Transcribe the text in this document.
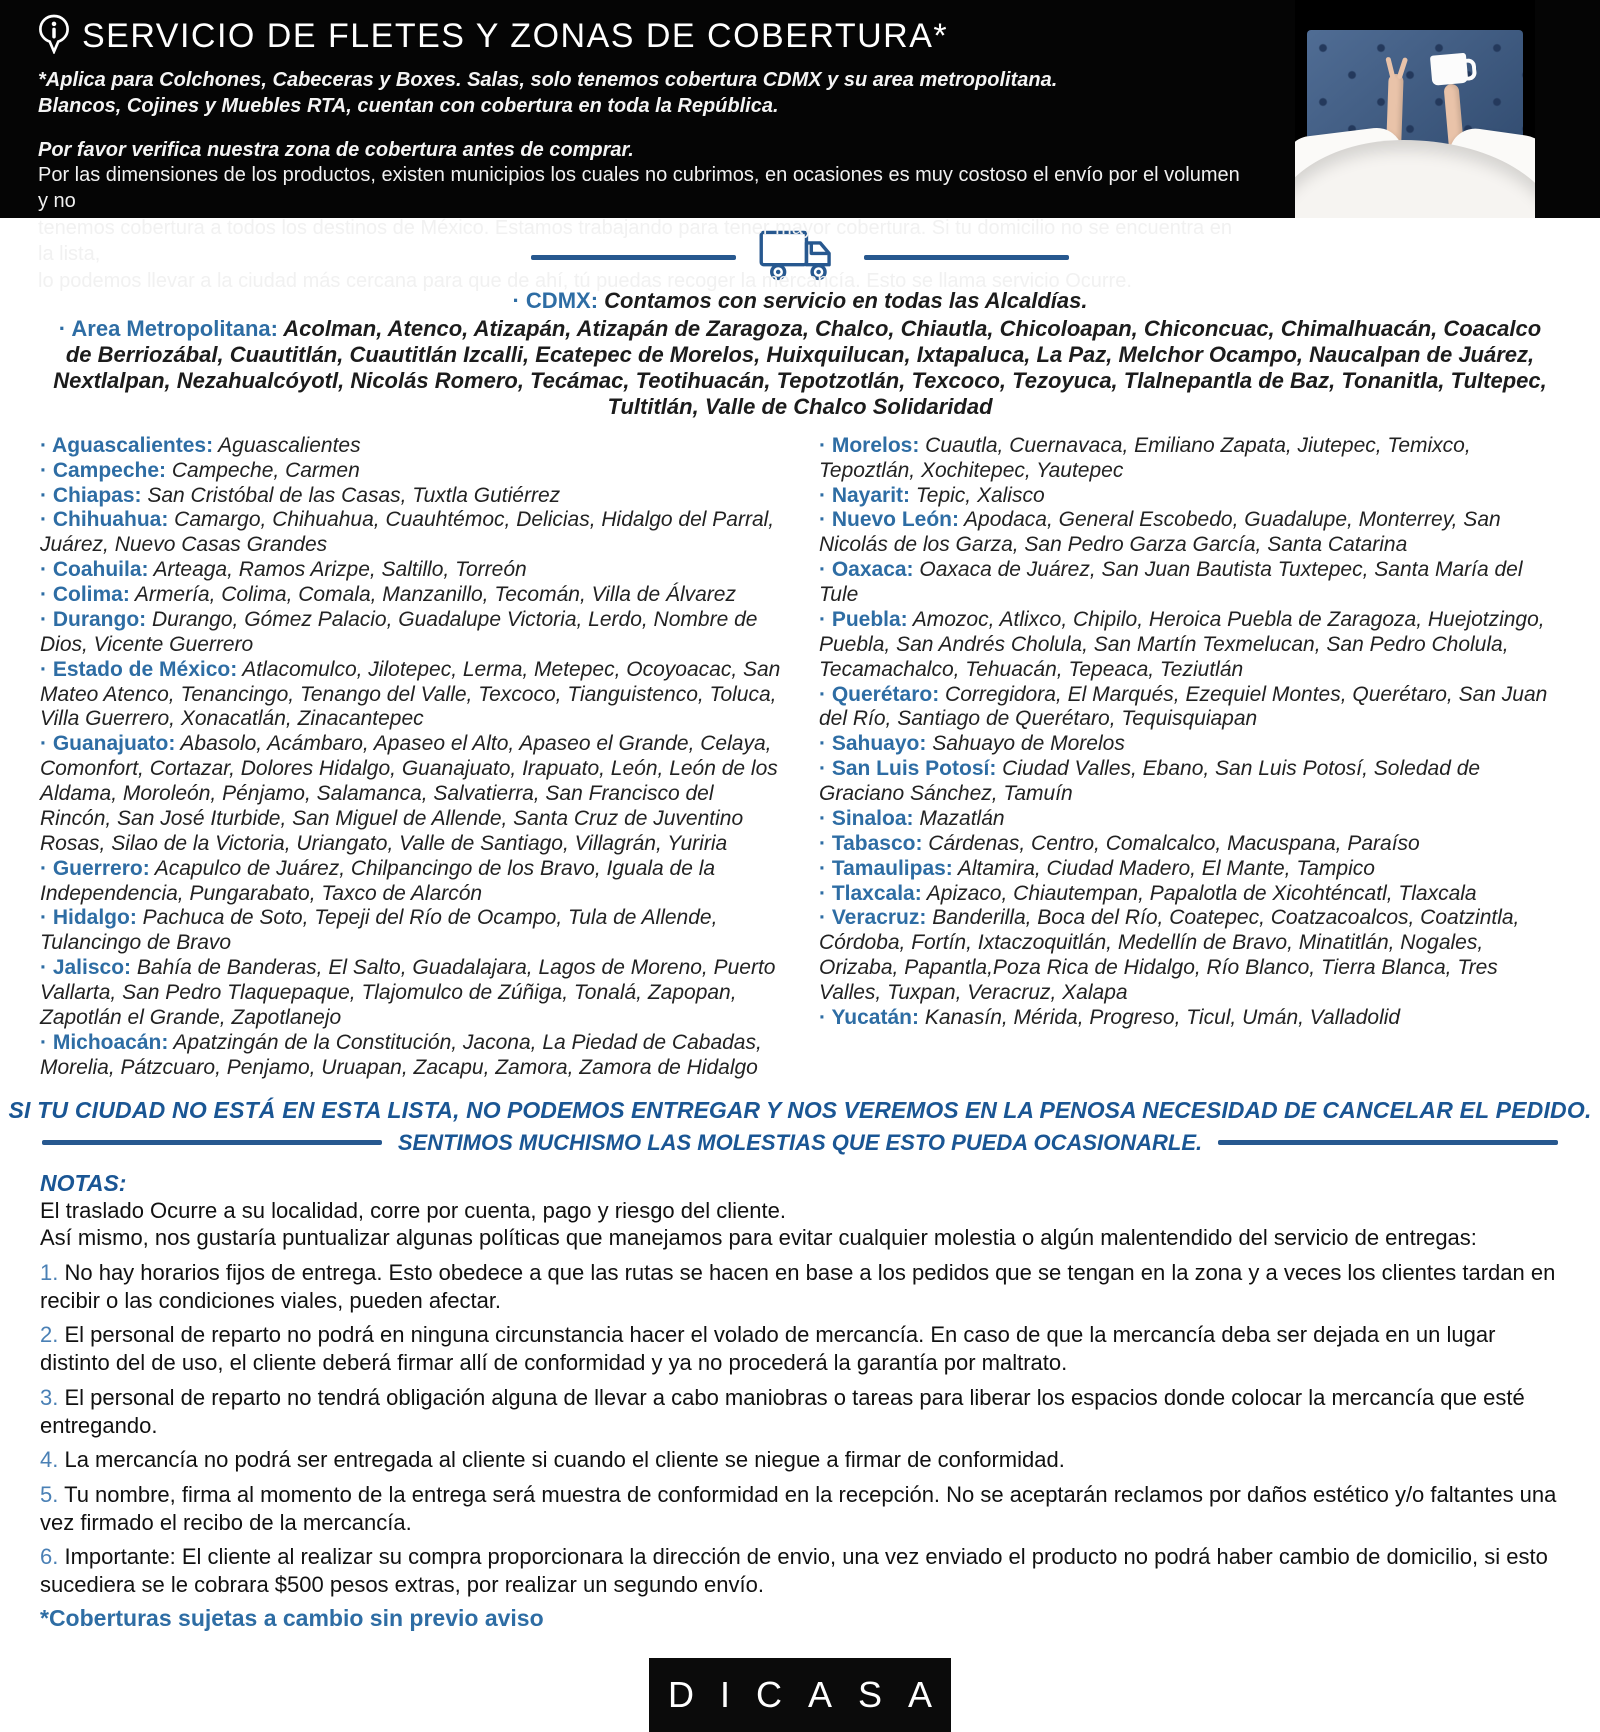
SERVICIO DE FLETES Y ZONAS DE COBERTURA*
*Aplica para Colchones, Cabeceras y Boxes. Salas, solo tenemos cobertura CDMX y su area metropolitana.
Blancos, Cojines y Muebles RTA, cuentan con cobertura en toda la República.
Por favor verifica nuestra zona de cobertura antes de comprar.
Por las dimensiones de los productos, existen municipios los cuales no cubrimos, en ocasiones es muy costoso el envío por el volumen y no
tenemos cobertura a todos los destinos de México. Estamos trabajando para tener mayor cobertura. Si tu domicilio no se encuentra en la lista,
lo podemos llevar a la ciudad más cercana para que de ahí, tú puedas recoger la mercancía. Esto se llama servicio Ocurre.
· CDMX: Contamos con servicio en todas las Alcaldías.
· Area Metropolitana: Acolman, Atenco, Atizapán, Atizapán de Zaragoza, Chalco, Chiautla, Chicoloapan, Chiconcuac, Chimalhuacán, Coacalco de Berriozábal, Cuautitlán, Cuautitlán Izcalli, Ecatepec de Morelos, Huixquilucan, Ixtapaluca, La Paz, Melchor Ocampo, Naucalpan de Juárez, Nextlalpan, Nezahualcóyotl, Nicolás Romero, Tecámac, Teotihuacán, Tepotzotlán, Texcoco, Tezoyuca, Tlalnepantla de Baz, Tonanitla, Tultepec, Tultitlán, Valle de Chalco Solidaridad

· Aguascalientes: Aguascalientes

· Campeche: Campeche, Carmen

· Chiapas: San Cristóbal de las Casas, Tuxtla Gutiérrez

· Chihuahua: Camargo, Chihuahua, Cuauhtémoc, Delicias, Hidalgo del Parral, Juárez, Nuevo Casas Grandes

· Coahuila: Arteaga, Ramos Arizpe, Saltillo, Torreón

· Colima: Armería, Colima, Comala, Manzanillo, Tecomán, Villa de Álvarez

· Durango: Durango, Gómez Palacio, Guadalupe Victoria, Lerdo, Nombre de Dios, Vicente Guerrero

· Estado de México: Atlacomulco, Jilotepec, Lerma, Metepec, Ocoyoacac, San Mateo Atenco, Tenancingo, Tenango del Valle, Texcoco, Tianguistenco, Toluca, Villa Guerrero, Xonacatlán, Zinacantepec

· Guanajuato: Abasolo, Acámbaro, Apaseo el Alto, Apaseo el Grande, Celaya, Comonfort, Cortazar, Dolores Hidalgo, Guanajuato, Irapuato, León, León de los Aldama, Moroleón, Pénjamo, Salamanca, Salvatierra, San Francisco del Rincón, San José Iturbide, San Miguel de Allende, Santa Cruz de Juventino Rosas, Silao de la Victoria, Uriangato, Valle de Santiago, Villagrán, Yuriria

· Guerrero: Acapulco de Juárez, Chilpancingo de los Bravo, Iguala de la Independencia, Pungarabato, Taxco de Alarcón

· Hidalgo: Pachuca de Soto, Tepeji del Río de Ocampo, Tula de Allende, Tulancingo de Bravo

· Jalisco: Bahía de Banderas, El Salto, Guadalajara, Lagos de Moreno, Puerto Vallarta, San Pedro Tlaquepaque, Tlajomulco de Zúñiga, Tonalá, Zapopan, Zapotlán el Grande, Zapotlanejo

· Michoacán: Apatzingán de la Constitución, Jacona, La Piedad de Cabadas, Morelia, Pátzcuaro, Penjamo, Uruapan, Zacapu, Zamora, Zamora de Hidalgo

· Morelos: Cuautla, Cuernavaca, Emiliano Zapata, Jiutepec, Temixco, Tepoztlán, Xochitepec, Yautepec

· Nayarit: Tepic, Xalisco

· Nuevo León: Apodaca, General Escobedo, Guadalupe, Monterrey, San Nicolás de los Garza, San Pedro Garza García, Santa Catarina

· Oaxaca: Oaxaca de Juárez, San Juan Bautista Tuxtepec, Santa María del Tule

· Puebla: Amozoc, Atlixco, Chipilo, Heroica Puebla de Zaragoza, Huejotzingo, Puebla, San Andrés Cholula, San Martín Texmelucan, San Pedro Cholula, Tecamachalco, Tehuacán, Tepeaca, Teziutlán

· Querétaro: Corregidora, El Marqués, Ezequiel Montes, Querétaro, San Juan del Río, Santiago de Querétaro, Tequisquiapan

· Sahuayo: Sahuayo de Morelos

· San Luis Potosí: Ciudad Valles, Ebano, San Luis Potosí, Soledad de Graciano Sánchez, Tamuín

· Sinaloa: Mazatlán

· Tabasco: Cárdenas, Centro, Comalcalco, Macuspana, Paraíso

· Tamaulipas: Altamira, Ciudad Madero, El Mante, Tampico

· Tlaxcala: Apizaco, Chiautempan, Papalotla de Xicohténcatl, Tlaxcala

· Veracruz: Banderilla, Boca del Río, Coatepec, Coatzacoalcos, Coatzintla, Córdoba, Fortín, Ixtaczoquitlán, Medellín de Bravo, Minatitlán, Nogales, Orizaba, Papantla,Poza Rica de Hidalgo, Río Blanco, Tierra Blanca, Tres Valles, Tuxpan, Veracruz, Xalapa

· Yucatán: Kanasín, Mérida, Progreso, Ticul, Umán, Valladolid

SI TU CIUDAD NO ESTÁ EN ESTA LISTA, NO PODEMOS ENTREGAR Y NOS VEREMOS EN LA PENOSA NECESIDAD DE CANCELAR EL PEDIDO.
SENTIMOS MUCHISMO LAS MOLESTIAS QUE ESTO PUEDA OCASIONARLE.
NOTAS:
El traslado Ocurre a su localidad, corre por cuenta, pago y riesgo del cliente.
Así mismo, nos gustaría puntualizar algunas políticas que manejamos para evitar cualquier molestia o algún malentendido del servicio de entregas:

1. No hay horarios fijos de entrega. Esto obedece a que las rutas se hacen en base a los pedidos que se tengan en la zona y a veces los clientes tardan en recibir o las condiciones viales, pueden afectar.

2. El personal de reparto no podrá en ninguna circunstancia hacer el volado de mercancía. En caso de que la mercancía deba ser dejada en un lugar distinto del de uso, el cliente deberá firmar allí de conformidad y ya no procederá la garantía por maltrato.

3. El personal de reparto no tendrá obligación alguna de llevar a cabo maniobras o tareas para liberar los espacios donde colocar la mercancía que esté entregando.

4. La mercancía no podrá ser entregada al cliente si cuando el cliente se niegue a firmar de conformidad.

5. Tu nombre, firma al momento de la entrega será muestra de conformidad en la recepción. No se aceptarán reclamos por daños estético y/o faltantes una vez firmado el recibo de la mercancía.

6. Importante: El cliente al realizar su compra proporcionara la dirección de envio, una vez enviado el producto no podrá haber cambio de domicilio, si esto sucediera se le cobrara $500 pesos extras, por realizar un segundo envío.

*Coberturas sujetas a cambio sin previo aviso
DICASA
